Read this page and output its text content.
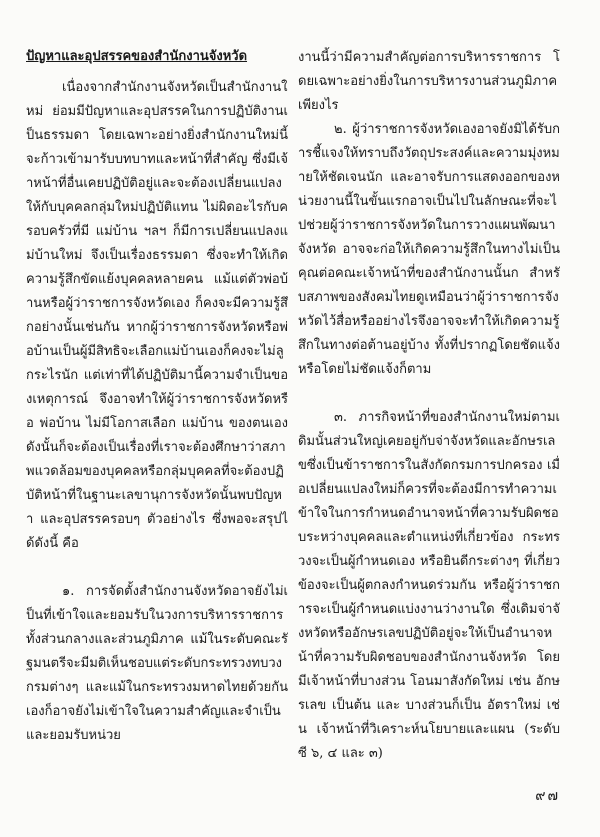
ปัญหาและอุปสรรคของสำนักงานจังหวัด

เนื่องจากสำนักงานจังหวัดเป็นสำนักงานใหม่ ย่อมมีปัญหาและอุปสรรคในการปฏิบัติงานเป็นธรรมดา โดยเฉพาะอย่างยิ่งสำนักงานใหม่นี้จะก้าวเข้ามารับบทบาทและหน้าที่สำคัญ ซึ่งมีเจ้าหน้าที่อื่นเคยปฏิบัติอยู่และจะต้องเปลี่ยนแปลงให้กับบุคคลกลุ่มใหม่ปฏิบัติแทน ไม่ผิดอะไรกับครอบครัวที่มี แม่บ้าน ฯลฯ ก็มีการเปลี่ยนแปลงแม่บ้านใหม่ จึงเป็นเรื่องธรรมดา ซึ่งจะทำให้เกิดความรู้สึกขัดแย้งบุคคลหลายคน แม้แต่ตัวพ่อบ้านหรือผู้ว่าราชการจังหวัดเอง ก็คงจะมีความรู้สึกอย่างนั้นเช่นกัน หากผู้ว่าราชการจังหวัดหรือพ่อบ้านเป็นผู้มีสิทธิจะเลือกแม่บ้านเองก็คงจะไม่ลูกระไรนัก แต่เท่าที่ได้ปฏิบัติมานี้ความจำเป็นของเหตุการณ์ จึงอาจทำให้ผู้ว่าราชการจังหวัดหรือ พ่อบ้าน ไม่มีโอกาสเลือก แม่บ้าน ของตนเอง ดังนั้นก็จะต้องเป็นเรื่องที่เราจะต้องศึกษาว่าสภาพแวดล้อมของบุคคลหรือกลุ่มบุคคลที่จะต้องปฏิบัติหน้าที่ในฐานะเลขานุการจังหวัดนั้นพบปัญหา และอุปสรรครอบๆ ตัวอย่างไร ซึ่งพอจะสรุปได้ดังนี้ คือ

๑. การจัดตั้งสำนักงานจังหวัดอาจยังไม่เป็นที่เข้าใจและยอมรับในวงการบริหารราชการทั้งส่วนกลางและส่วนภูมิภาค แม้ในระดับคณะรัฐมนตรีจะมีมติเห็นชอบแต่ระดับกระทรวงทบวงกรมต่างๆ และแม้ในกระทรวงมหาดไทยด้วยกันเองก็อาจยังไม่เข้าใจในความสำคัญและจำเป็นและยอมรับหน่วย

งานนี้ว่ามีความสำคัญต่อการบริหารราชการ โดยเฉพาะอย่างยิ่งในการบริหารงานส่วนภูมิภาคเพียงไร

๒. ผู้ว่าราชการจังหวัดเองอาจยังมิได้รับการชี้แจงให้ทราบถึงวัตถุประสงค์และความมุ่งหมายให้ชัดเจนนัก และอาจรับการแสดงออกของหน่วยงานนี้ในขั้นแรกอาจเป็นไปในลักษณะที่จะไปช่วยผู้ว่าราชการจังหวัดในการวางแผนพัฒนาจังหวัด อาจจะก่อให้เกิดความรู้สึกในทางไม่เป็นคุณต่อคณะเจ้าหน้าที่ของสำนักงานนั้นก สำหรับสภาพของสังคมไทยดูเหมือนว่าผู้ว่าราชการจังหวัดไว้สื่อหรืออย่างไรจึงอาจจะทำให้เกิดความรู้สึกในทางต่อต้านอยู่บ้าง ทั้งที่ปรากฏโดยชัดแจ้งหรือโดยไม่ชัดแจ้งก็ตาม

๓. ภารกิจหน้าที่ของสำนักงานใหม่ตามเดิมนั้นส่วนใหญ่เคยอยู่กับจ่าจังหวัดและอักษรเลขซึ่งเป็นข้าราชการในสังกัดกรมการปกครอง เมื่อเปลี่ยนแปลงใหม่ก็ควรที่จะต้องมีการทำความเข้าใจในการกำหนดอำนาจหน้าที่ความรับผิดชอบระหว่างบุคคลและตำแหน่งที่เกี่ยวข้อง กระทรวงจะเป็นผู้กำหนดเอง หรือยินดีกระต่างๆ ที่เกี่ยวข้องจะเป็นผู้ตกลงกำหนดร่วมกัน หรือผู้ว่าราชการจะเป็นผู้กำหนดแบ่งงานว่างานใด ซึ่งเดิมจ่าจังหวัดหรืออักษรเลขปฏิบัติอยู่จะให้เป็นอำนาจหน้าที่ความรับผิดชอบของสำนักงานจังหวัด โดยมีเจ้าหน้าที่บางส่วน โอนมาสังกัดใหม่ เช่น อักษรเลข เป็นต้น และ บางส่วนก็เป็น อัตราใหม่ เช่น เจ้าหน้าที่วิเคราะห์นโยบายและแผน (ระดับ ซี ๖, ๔ และ ๓)

๙๗
